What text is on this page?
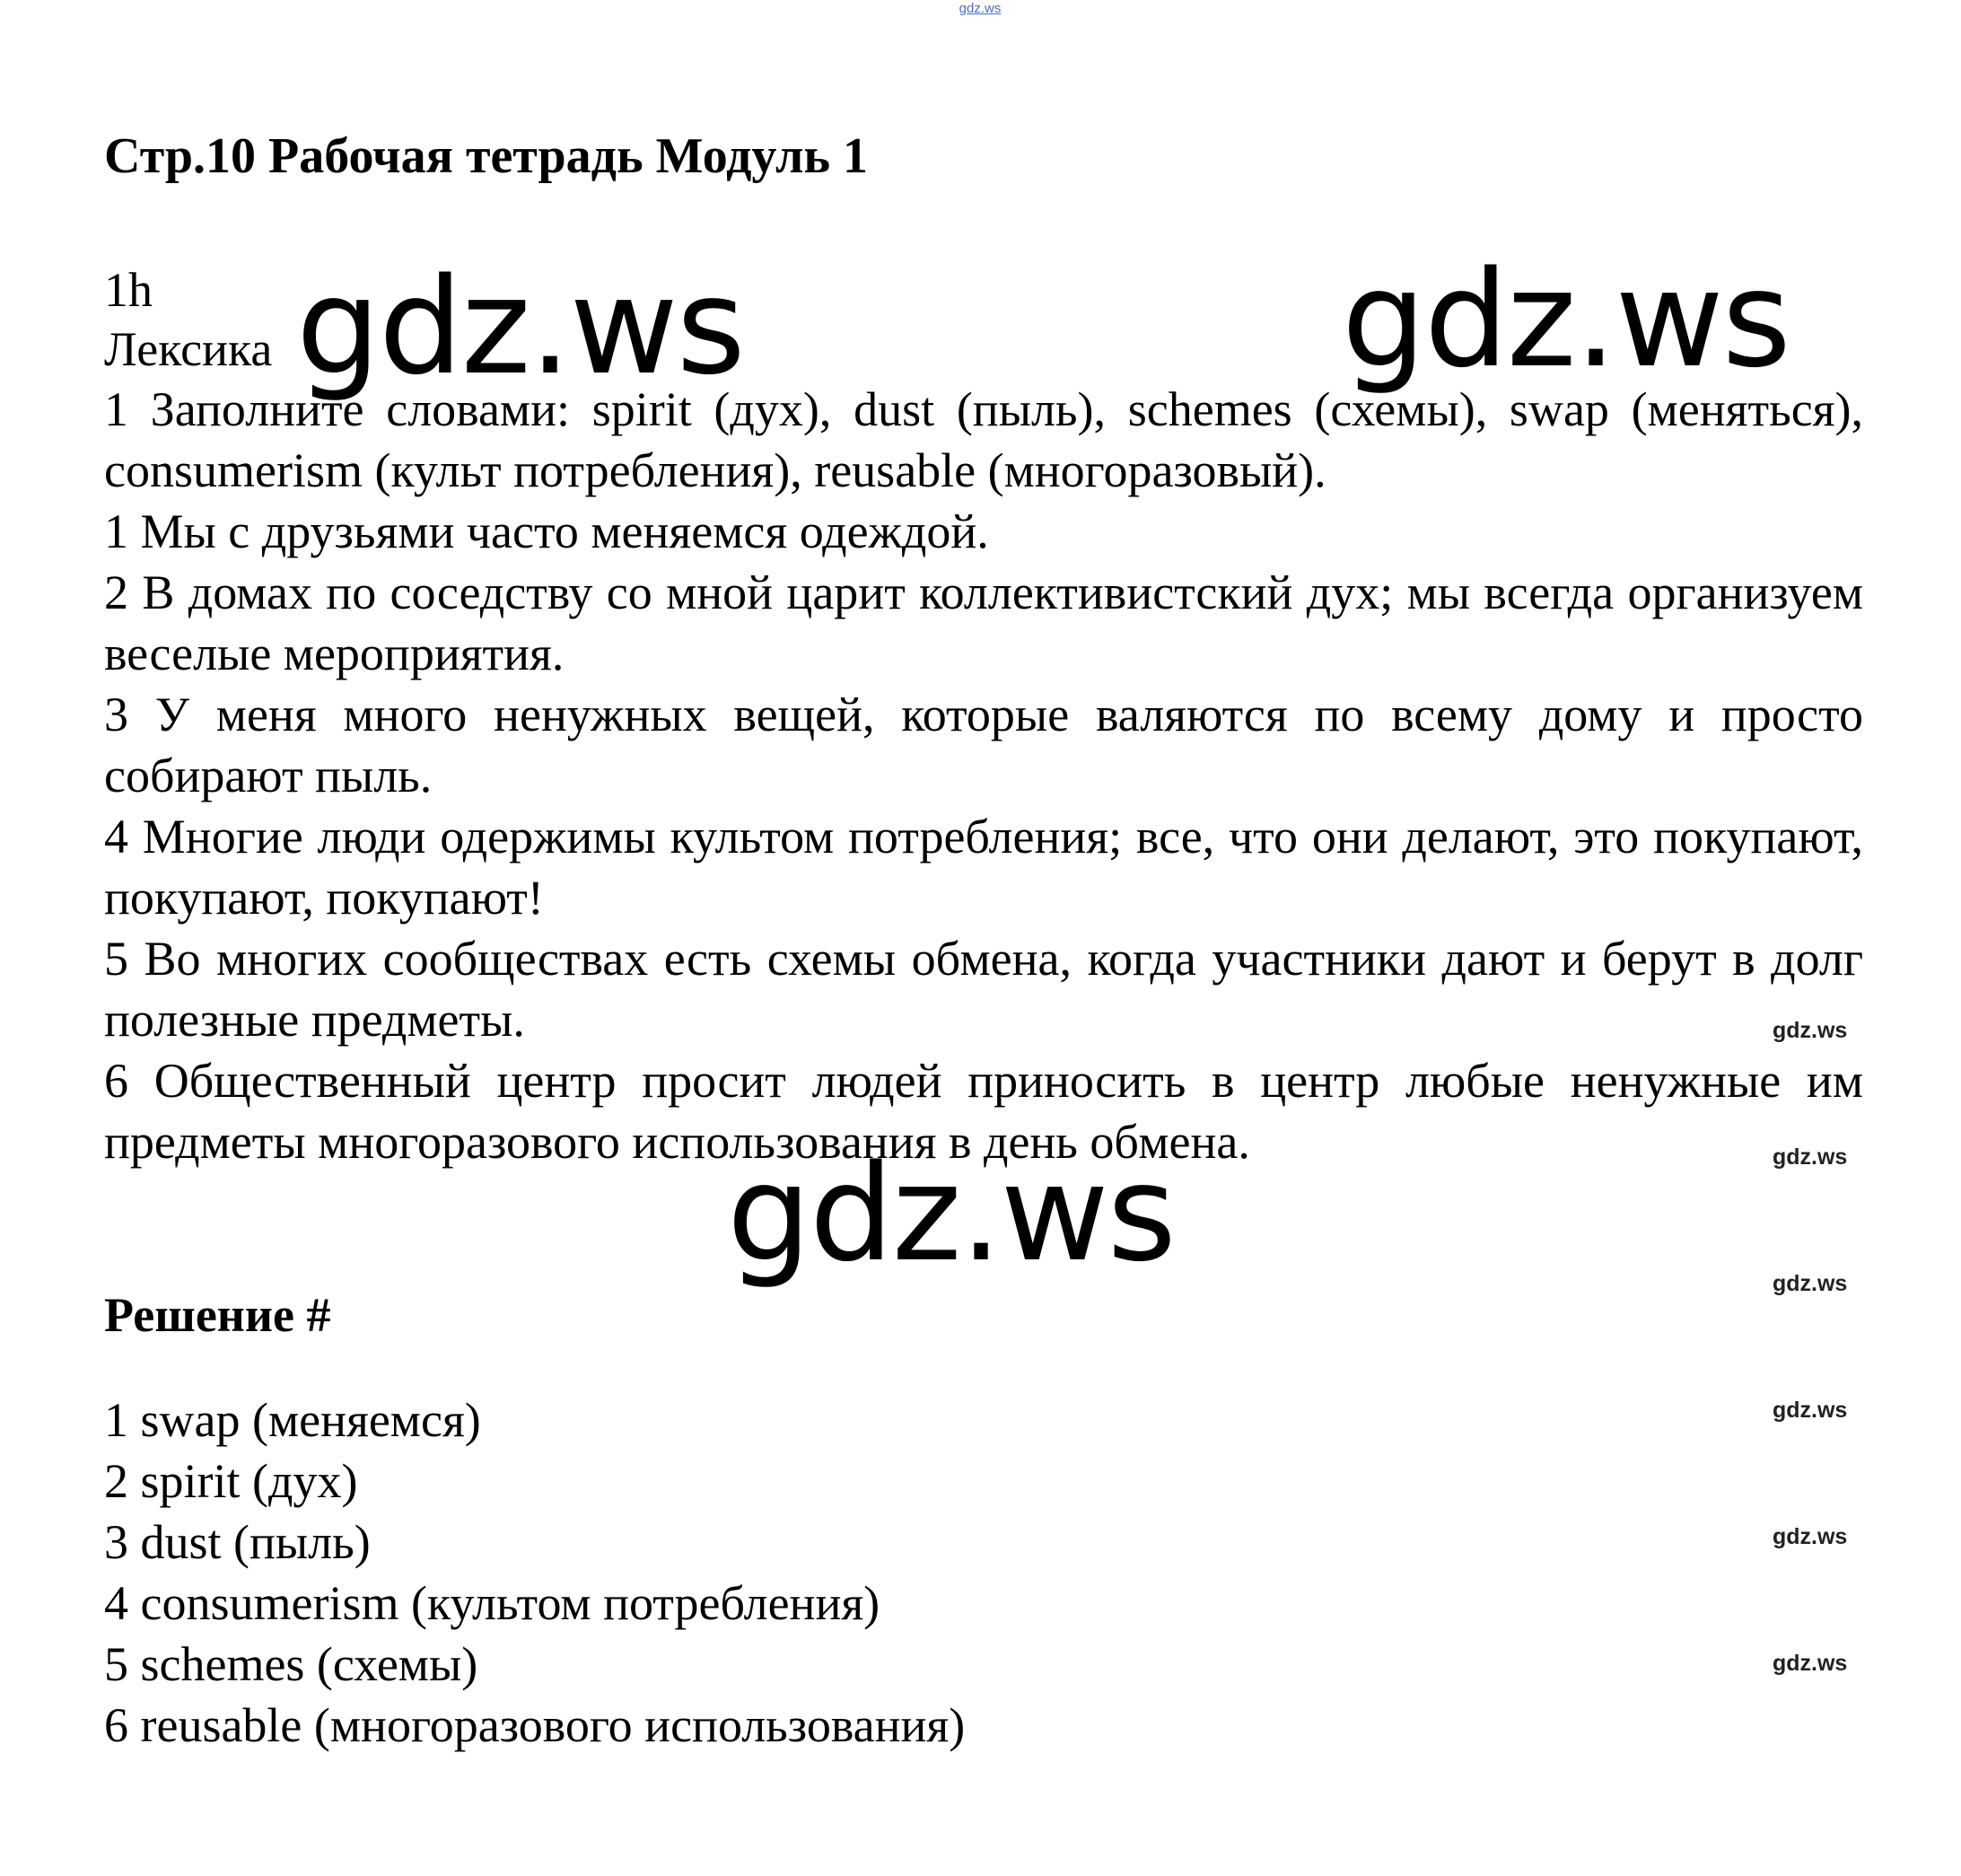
gdz.ws
Стр.10 Рабочая тетрадь Модуль 1
1h
Лексика

1 Заполните словами: spirit (дух), dust (пыль), schemes (схемы), swap (меняться), consumerism (культ потребления), reusable (многоразовый).

1 Мы с друзьями часто меняемся одеждой.

2 В домах по соседству со мной царит коллективистский дух; мы всегда организуем веселые мероприятия.

3 У меня много ненужных вещей, которые валяются по всему дому и просто собирают пыль.

4 Многие люди одержимы культом потребления; все, что они делают, это покупают, покупают, покупают!

5 Во многих сообществах есть схемы обмена, когда участники дают и берут в долг полезные предметы.

6 Общественный центр просит людей приносить в центр любые ненужные им предметы многоразового использования в день обмена.

Решение #
1 swap (меняемся)
2 spirit (дух)
3 dust (пыль)
4 consumerism (культом потребления)
5 schemes (схемы)
6 reusable (многоразового использования)
gdz.ws	gdz.ws
gdz.ws
gdz.ws
gdz.ws
gdz.ws
gdz.ws
gdz.ws
gdz.ws
